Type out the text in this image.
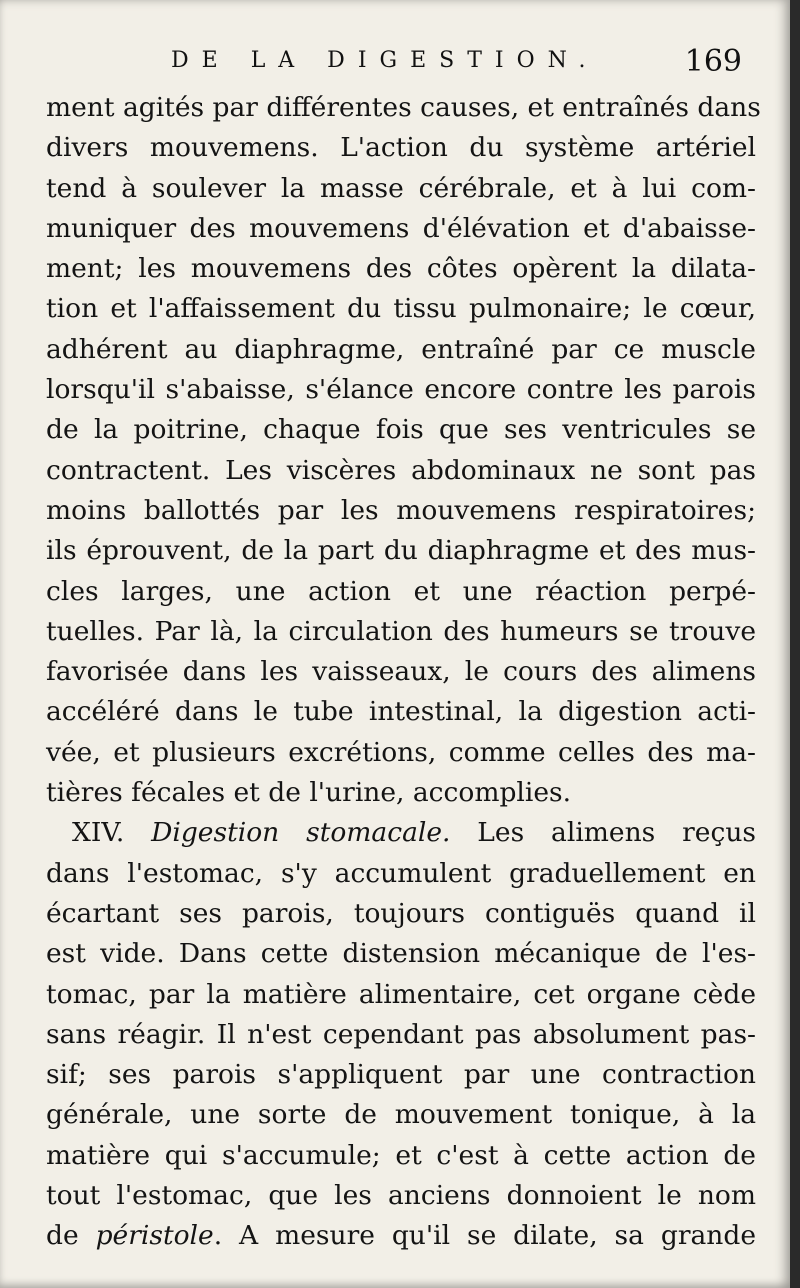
DE LA DIGESTION.	169
ment agités par différentes causes, et entraînés dans
divers mouvemens. L'action du système artériel
tend à soulever la masse cérébrale, et à lui com-
muniquer des mouvemens d'élévation et d'abaisse-
ment; les mouvemens des côtes opèrent la dilata-
tion et l'affaissement du tissu pulmonaire; le cœur,
adhérent au diaphragme, entraîné par ce muscle
lorsqu'il s'abaisse, s'élance encore contre les parois
de la poitrine, chaque fois que ses ventricules se
contractent. Les viscères abdominaux ne sont pas
moins ballottés par les mouvemens respiratoires;
ils éprouvent, de la part du diaphragme et des mus-
cles larges, une action et une réaction perpé-
tuelles. Par là, la circulation des humeurs se trouve
favorisée dans les vaisseaux, le cours des alimens
accéléré dans le tube intestinal, la digestion acti-
vée, et plusieurs excrétions, comme celles des ma-
tières fécales et de l'urine, accomplies.
XIV. Digestion stomacale. Les alimens reçus
dans l'estomac, s'y accumulent graduellement en
écartant ses parois, toujours contiguës quand il
est vide. Dans cette distension mécanique de l'es-
tomac, par la matière alimentaire, cet organe cède
sans réagir. Il n'est cependant pas absolument pas-
sif; ses parois s'appliquent par une contraction
générale, une sorte de mouvement tonique, à la
matière qui s'accumule; et c'est à cette action de
tout l'estomac, que les anciens donnoient le nom
de péristole. A mesure qu'il se dilate, sa grande
